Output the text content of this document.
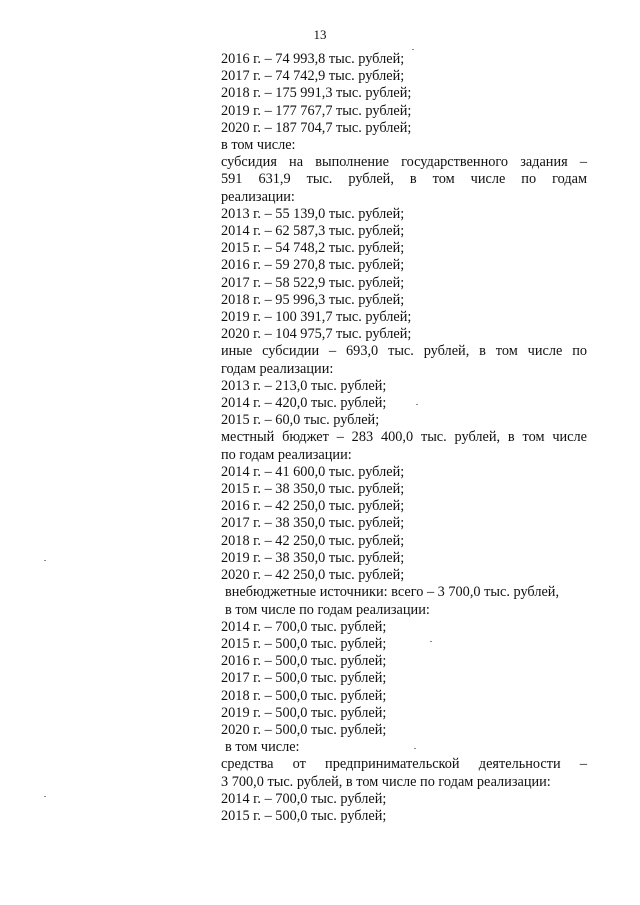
13
2016 г. – 74 993,8 тыс. рублей;
2017 г. – 74 742,9 тыс. рублей;
2018 г. – 175 991,3 тыс. рублей;
2019 г. – 177 767,7 тыс. рублей;
2020 г. – 187 704,7 тыс. рублей;
в том числе:
субсидия на выполнение государственного задания –
591 631,9 тыс. рублей, в том числе по годам
реализации:
2013 г. – 55 139,0 тыс. рублей;
2014 г. – 62 587,3 тыс. рублей;
2015 г. – 54 748,2 тыс. рублей;
2016 г. – 59 270,8 тыс. рублей;
2017 г. – 58 522,9 тыс. рублей;
2018 г. – 95 996,3 тыс. рублей;
2019 г. – 100 391,7 тыс. рублей;
2020 г. – 104 975,7 тыс. рублей;
иные субсидии – 693,0 тыс. рублей, в том числе по
годам реализации:
2013 г. – 213,0 тыс. рублей;
2014 г. – 420,0 тыс. рублей;
2015 г. – 60,0 тыс. рублей;
местный бюджет – 283 400,0 тыс. рублей, в том числе
по годам реализации:
2014 г. – 41 600,0 тыс. рублей;
2015 г. – 38 350,0 тыс. рублей;
2016 г. – 42 250,0 тыс. рублей;
2017 г. – 38 350,0 тыс. рублей;
2018 г. – 42 250,0 тыс. рублей;
2019 г. – 38 350,0 тыс. рублей;
2020 г. – 42 250,0 тыс. рублей;
внебюджетные источники: всего – 3 700,0 тыс. рублей,
в том числе по годам реализации:
2014 г. – 700,0 тыс. рублей;
2015 г. – 500,0 тыс. рублей;
2016 г. – 500,0 тыс. рублей;
2017 г. – 500,0 тыс. рублей;
2018 г. – 500,0 тыс. рублей;
2019 г. – 500,0 тыс. рублей;
2020 г. – 500,0 тыс. рублей;
в том числе:
средства от предпринимательской деятельности –
3 700,0 тыс. рублей, в том числе по годам реализации:
2014 г. – 700,0 тыс. рублей;
2015 г. – 500,0 тыс. рублей;
